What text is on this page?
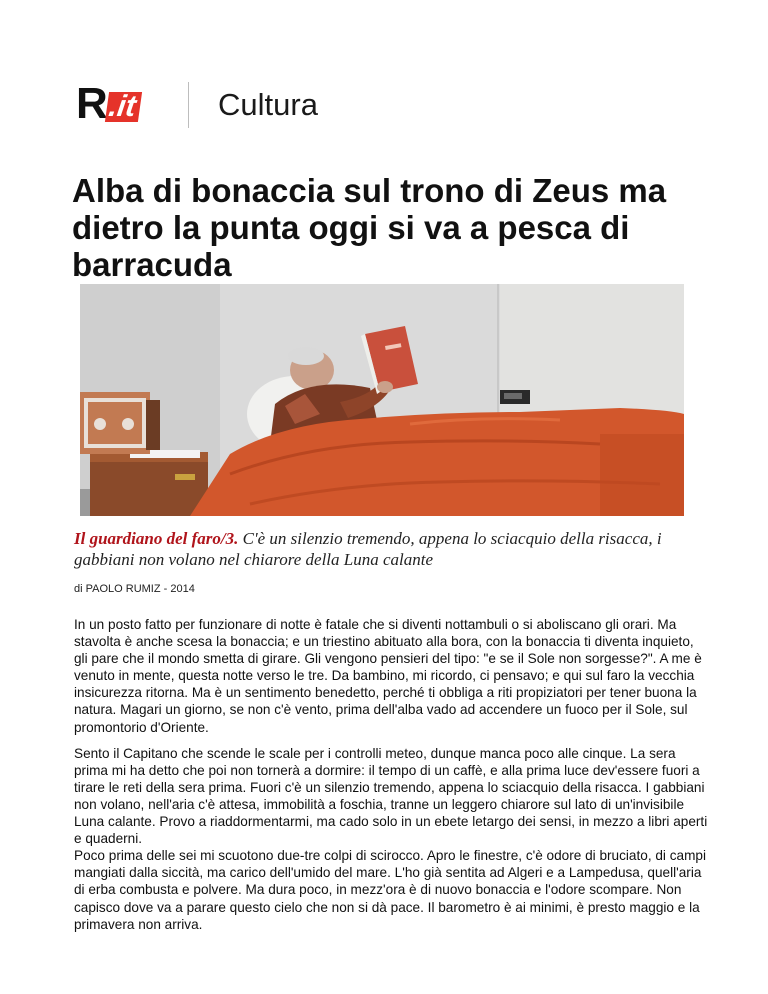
R .it	Cultura
Alba di bonaccia sul trono di Zeus ma dietro la punta oggi si va a pesca di barracuda
Il guardiano del faro/3. C'è un silenzio tremendo, appena lo sciacquio della risacca, i gabbiani non volano nel chiarore della Luna calante
di PAOLO RUMIZ - 2014

In un posto fatto per funzionare di notte è fatale che si diventi nottambuli o si aboliscano gli orari. Ma stavolta è anche scesa la bonaccia; e un triestino abituato alla bora, con la bonaccia ti diventa inquieto, gli pare che il mondo smetta di girare. Gli vengono pensieri del tipo: "e se il Sole non sorgesse?". A me è venuto in mente, questa notte verso le tre. Da bambino, mi ricordo, ci pensavo; e qui sul faro la vecchia insicurezza ritorna. Ma è un sentimento benedetto, perché ti obbliga a riti propiziatori per tener buona la natura. Magari un giorno, se non c'è vento, prima dell'alba vado ad accendere un fuoco per il Sole, sul promontorio d'Oriente.

Sento il Capitano che scende le scale per i controlli meteo, dunque manca poco alle cinque. La sera prima mi ha detto che poi non tornerà a dormire: il tempo di un caffè, e alla prima luce dev'essere fuori a tirare le reti della sera prima. Fuori c'è un silenzio tremendo, appena lo sciacquio della risacca. I gabbiani non volano, nell'aria c'è attesa, immobilità a foschia, tranne un leggero chiarore sul lato di un'invisibile Luna calante. Provo a riaddormentarmi, ma cado solo in un ebete letargo dei sensi, in mezzo a libri aperti e quaderni.

Poco prima delle sei mi scuotono due-tre colpi di scirocco. Apro le finestre, c'è odore di bruciato, di campi mangiati dalla siccità, ma carico dell'umido del mare. L'ho già sentita ad Algeri e a Lampedusa, quell'aria di erba combusta e polvere. Ma dura poco, in mezz'ora è di nuovo bonaccia e l'odore scompare. Non capisco dove va a parare questo cielo che non si dà pace. Il barometro è ai minimi, è presto maggio e la primavera non arriva.
